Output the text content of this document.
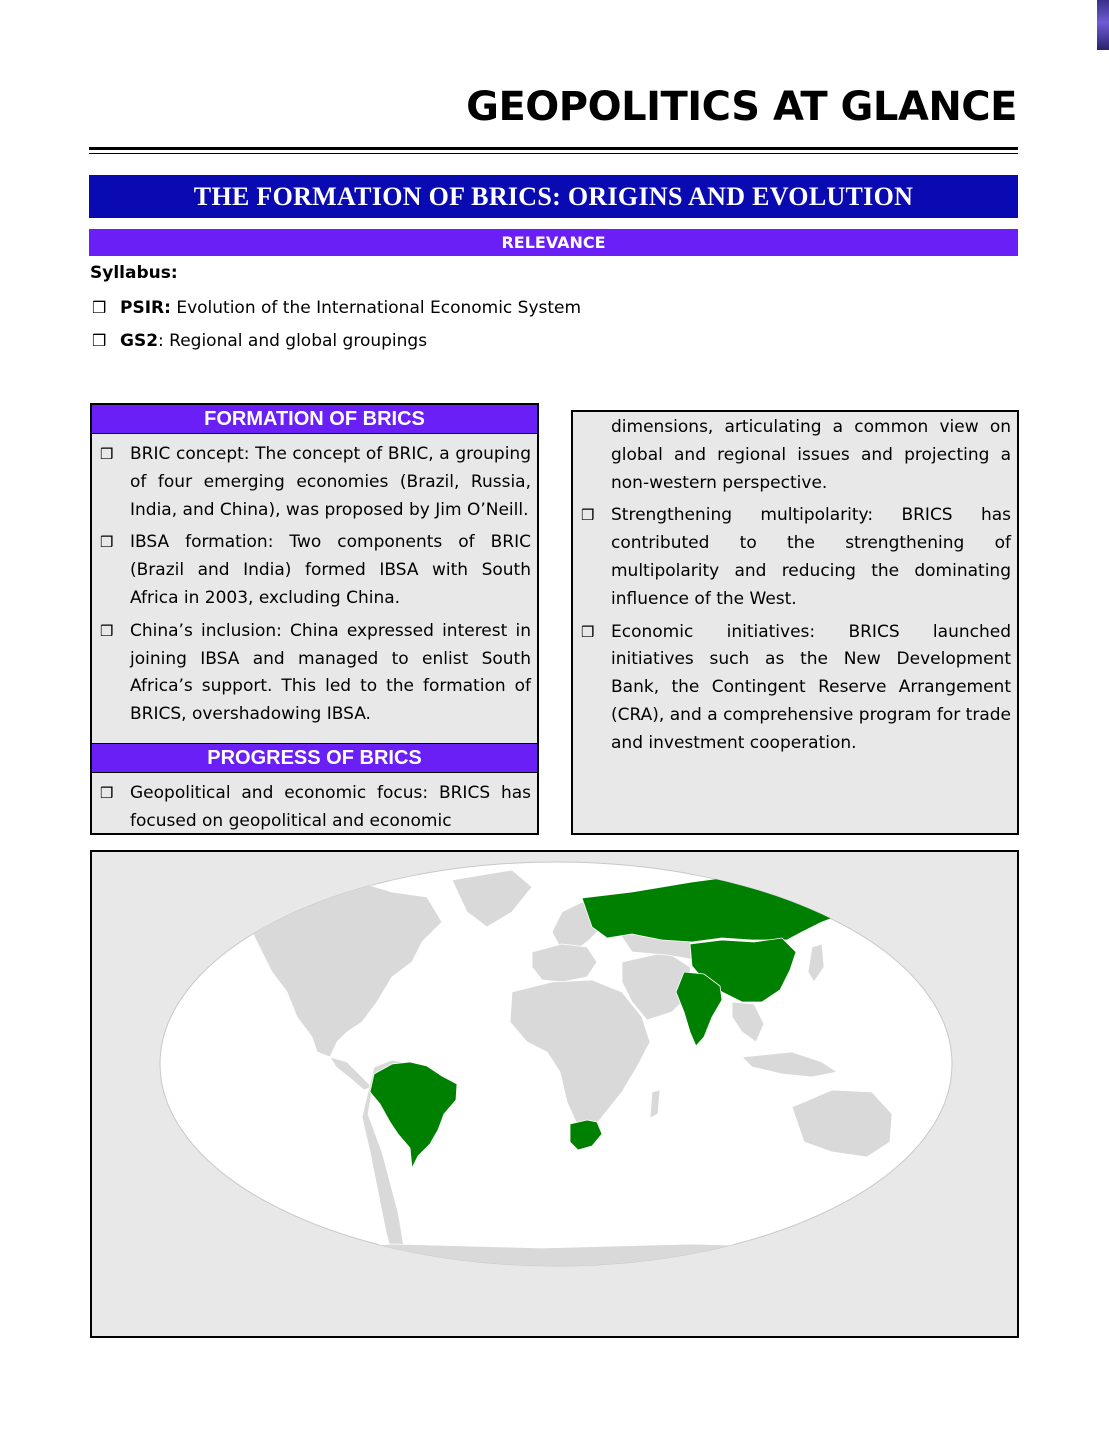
GEOPOLITICS AT GLANCE
THE FORMATION OF BRICS: ORIGINS AND EVOLUTION
RELEVANCE
Syllabus:
❒ PSIR: Evolution of the International Economic System
❒ GS2: Regional and global groupings
FORMATION OF BRICS
❒ BRIC concept: The concept of BRIC, a grouping of four emerging economies (Brazil, Russia, India, and China), was proposed by Jim O’Neill.
❒ IBSA formation: Two components of BRIC (Brazil and India) formed IBSA with South Africa in 2003, excluding China.
❒ China’s inclusion: China expressed interest in joining IBSA and managed to enlist South Africa’s support. This led to the formation of BRICS, overshadowing IBSA.
PROGRESS OF BRICS
❒ Geopolitical and economic focus: BRICS has focused on geopolitical and economic
dimensions, articulating a common view on global and regional issues and projecting a non-western perspective.
❒ Strengthening multipolarity: BRICS has contributed to the strengthening of multipolarity and reducing the dominating influence of the West.
❒ Economic initiatives: BRICS launched initiatives such as the New Development Bank, the Contingent Reserve Arrangement (CRA), and a comprehensive program for trade and investment cooperation.
